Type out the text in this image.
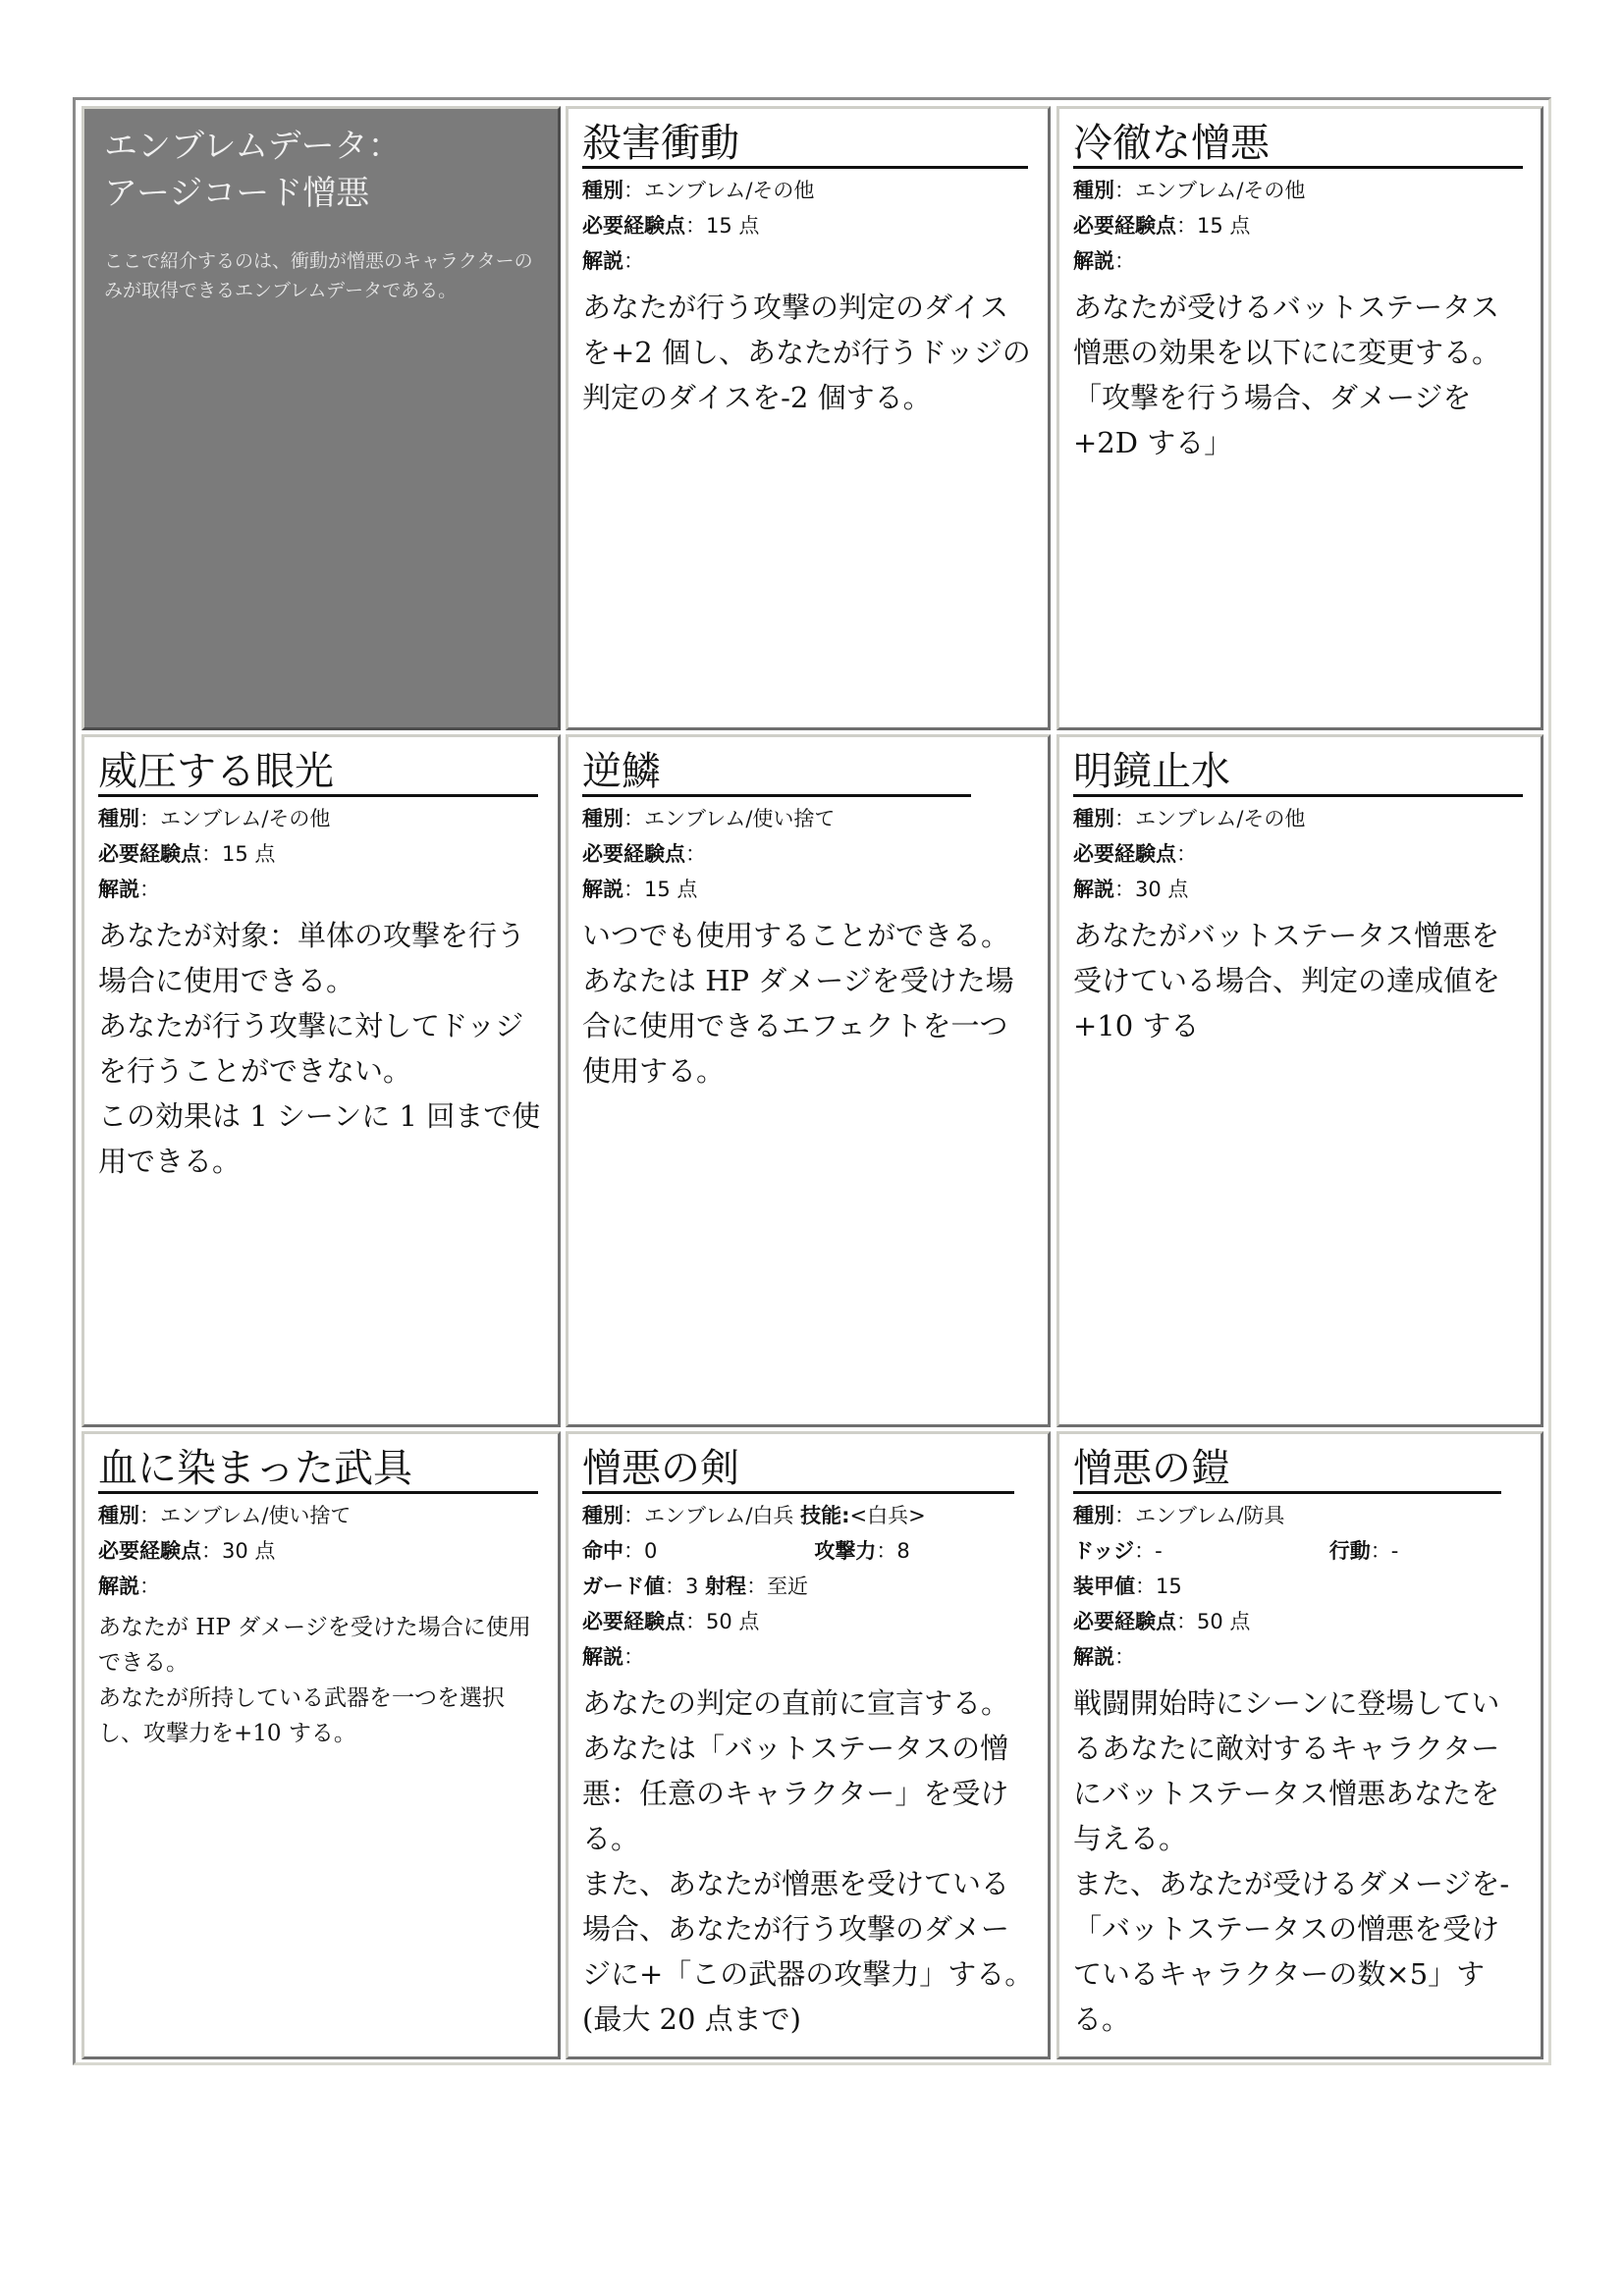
エンブレムデータ：
アージコード憎悪
ここで紹介するのは、衝動が憎悪のキャラクターのみが取得できるエンブレムデータである。
殺害衝動
種別：エンブレム/その他
必要経験点：15 点
解説：

あなたが行う攻撃の判定のダイスを+2 個し、あなたが行うドッジの判定のダイスを-2 個する。

冷徹な憎悪
種別：エンブレム/その他
必要経験点：15 点
解説：

あなたが受けるバットステータス憎悪の効果を以下にに変更する。

「攻撃を行う場合、ダメージを+2D する」

威圧する眼光
種別：エンブレム/その他
必要経験点：15 点
解説：

あなたが対象：単体の攻撃を行う場合に使用できる。

あなたが行う攻撃に対してドッジを行うことができない。

この効果は 1 シーンに 1 回まで使用できる。

逆鱗
種別：エンブレム/使い捨て
必要経験点：
解説：15 点

いつでも使用することができる。

あなたは HP ダメージを受けた場合に使用できるエフェクトを一つ使用する。

明鏡止水
種別：エンブレム/その他
必要経験点：
解説：30 点

あなたがバットステータス憎悪を受けている場合、判定の達成値を+10 する

血に染まった武具
種別：エンブレム/使い捨て
必要経験点：30 点
解説：

あなたが HP ダメージを受けた場合に使用できる。

あなたが所持している武器を一つを選択し、攻撃力を+10 する。

憎悪の剣
種別：エンブレム/白兵 技能:<白兵>
命中：0	攻撃力：8
ガード値：3 射程：至近
必要経験点：50 点
解説：

あなたの判定の直前に宣言する。あなたは「バットステータスの憎悪：任意のキャラクター」を受ける。

また、あなたが憎悪を受けている場合、あなたが行う攻撃のダメージに+「この武器の攻撃力」する。(最大 20 点まで)

憎悪の鎧
種別：エンブレム/防具
ドッジ：-	行動：-
装甲値：15
必要経験点：50 点
解説：

戦闘開始時にシーンに登場しているあなたに敵対するキャラクターにバットステータス憎悪あなたを与える。

また、あなたが受けるダメージを-「バットステータスの憎悪を受けているキャラクターの数×5」する。
